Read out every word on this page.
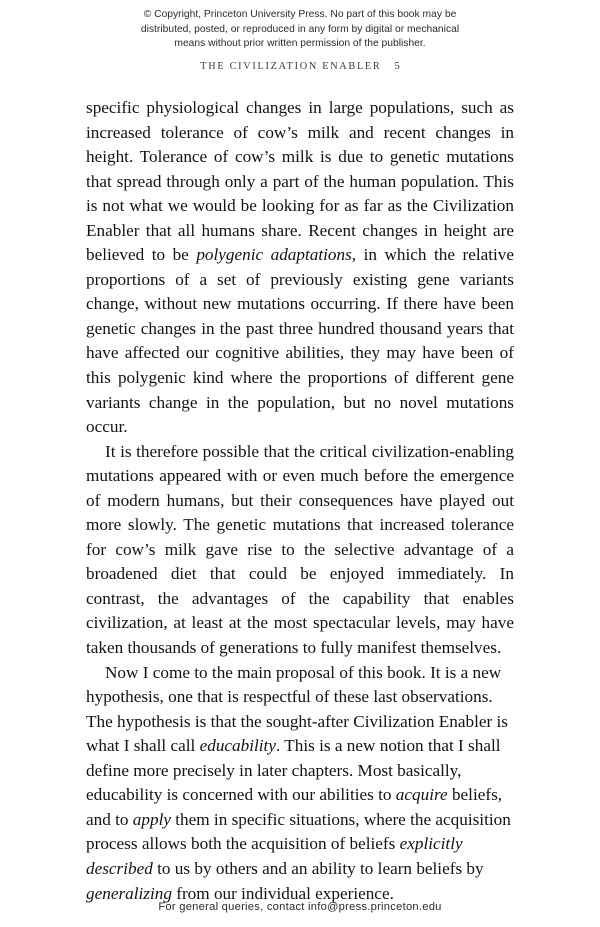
© Copyright, Princeton University Press. No part of this book may be
distributed, posted, or reproduced in any form by digital or mechanical
means without prior written permission of the publisher.
THE CIVILIZATION ENABLER 5

specific physiological changes in large populations, such as increased tolerance of cow’s milk and recent changes in height. Tolerance of cow’s milk is due to genetic mutations that spread through only a part of the human population. This is not what we would be looking for as far as the Civilization Enabler that all humans share. Recent changes in height are believed to be polygenic adaptations, in which the relative proportions of a set of previously existing gene variants change, without new mutations occurring. If there have been genetic changes in the past three hundred thousand years that have affected our cognitive abilities, they may have been of this polygenic kind where the proportions of different gene variants change in the population, but no novel mutations occur.

It is therefore possible that the critical civilization-enabling mutations appeared with or even much before the emergence of modern humans, but their consequences have played out more slowly. The genetic mutations that increased tolerance for cow’s milk gave rise to the selective advantage of a broadened diet that could be enjoyed immediately. In contrast, the advantages of the capability that enables civilization, at least at the most spectacular levels, may have taken thousands of generations to fully manifest themselves.

Now I come to the main proposal of this book. It is a new hypothesis, one that is respectful of these last observations. The hypothesis is that the sought-after Civilization Enabler is what I shall call educability. This is a new notion that I shall define more precisely in later chapters. Most basically, educability is concerned with our abilities to acquire beliefs, and to apply them in specific situations, where the acquisition process allows both the acquisition of beliefs explicitly described to us by others and an ability to learn beliefs by generalizing from our individual experience.

For general queries, contact info@press.princeton.edu
